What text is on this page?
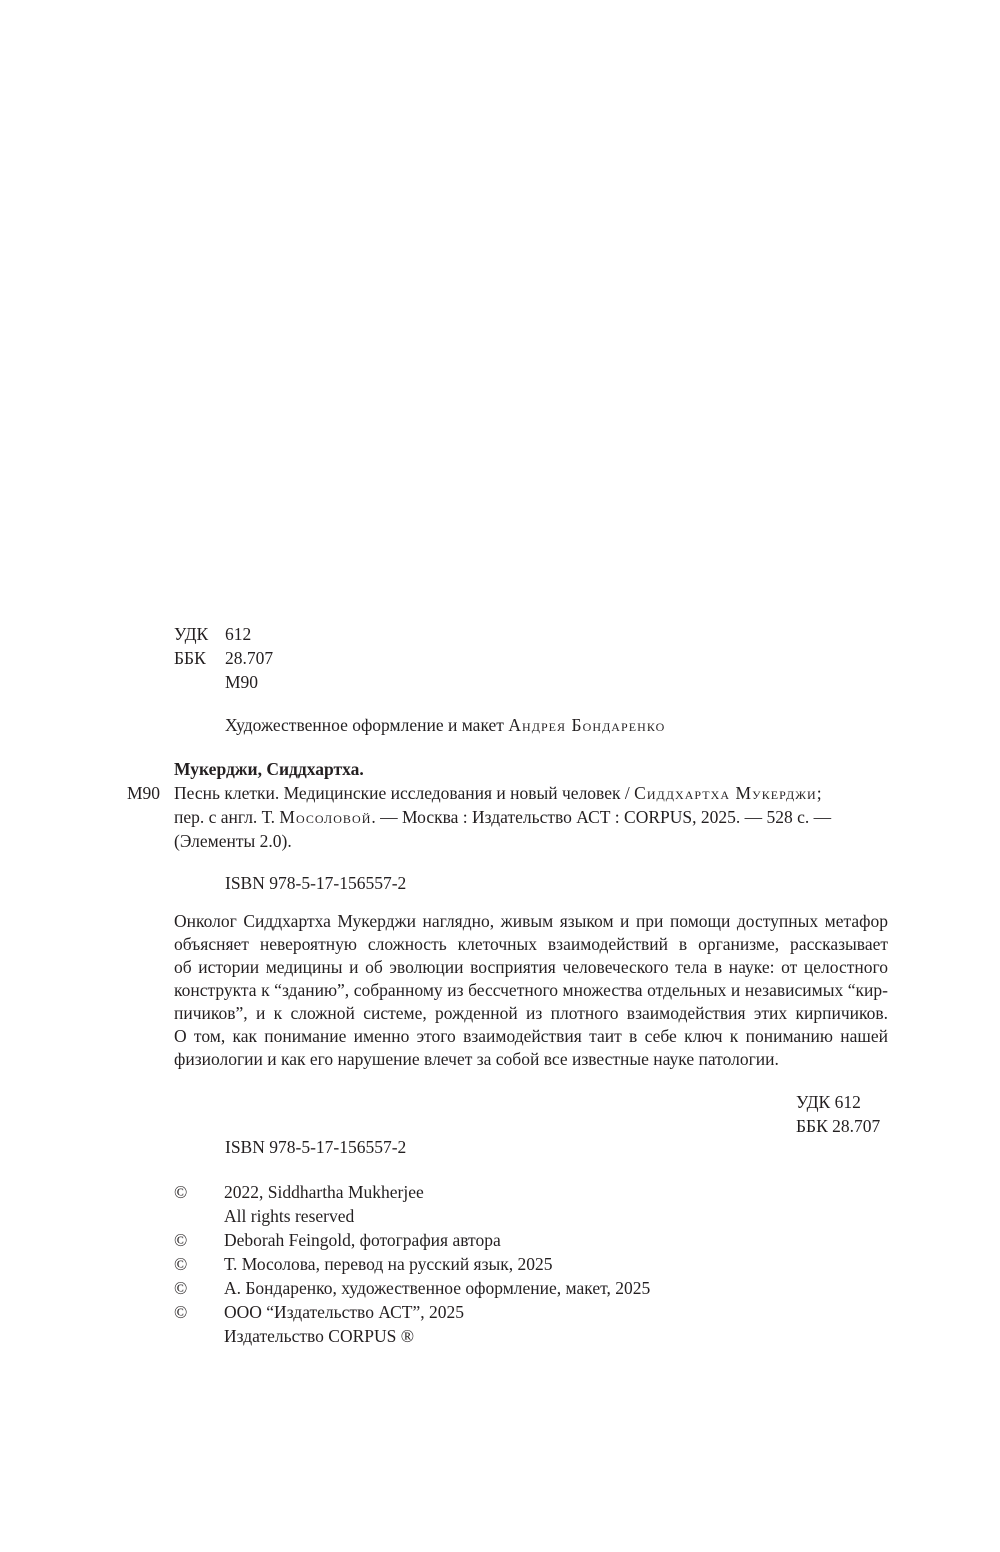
УДК 612
ББК 28.707
М90
Художественное оформление и макет Андрея Бондаренко
Мукерджи, Сиддхартха.
М90 Песнь клетки. Медицинские исследования и новый человек / Сиддхартха Мукерджи;
пер. с англ. Т. Мосоловой. — Москва : Издательство АСТ : CORPUS, 2025. — 528 с. —
(Элементы 2.0).
ISBN 978-5-17-156557-2
Онколог Сиддхартха Мукерджи наглядно, живым языком и при помощи доступных метафор
объясняет невероятную сложность клеточных взаимодействий в организме, рассказывает
об истории медицины и об эволюции восприятия человеческого тела в науке: от целостного
конструкта к “зданию”, собранному из бессчетного множества отдельных и независимых “кир-
пичиков”, и к сложной системе, рожденной из плотного взаимодействия этих кирпичиков.
О том, как понимание именно этого взаимодействия таит в себе ключ к пониманию нашей
физиологии и как его нарушение влечет за собой все известные науке патологии.
УДК 612
ББК 28.707
ISBN 978-5-17-156557-2
© 2022, Siddhartha Mukherjee
All rights reserved
© Deborah Feingold, фотография автора
© Т. Мосолова, перевод на русский язык, 2025
© А. Бондаренко, художественное оформление, макет, 2025
© ООО “Издательство АСТ”, 2025
Издательство CORPUS ®
